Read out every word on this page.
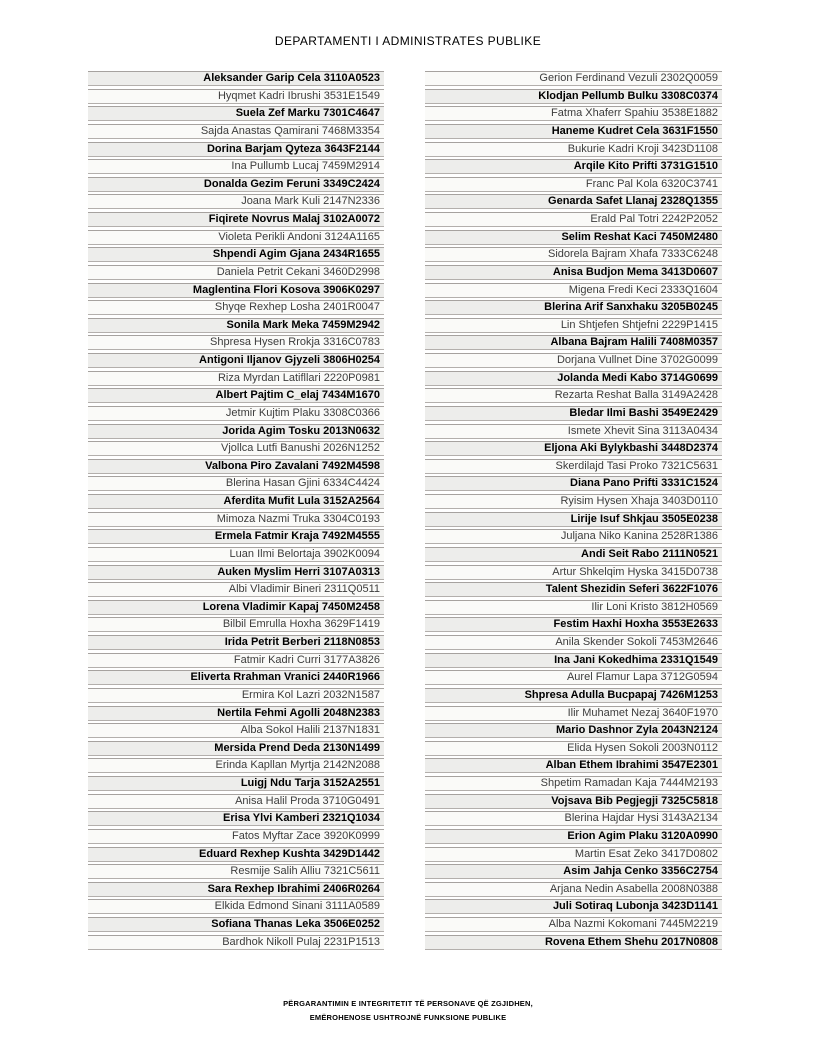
DEPARTAMENTI I ADMINISTRATES PUBLIKE
Aleksander Garip Cela 3110A0523
Hyqmet Kadri Ibrushi 3531E1549
Suela Zef Marku 7301C4647
Sajda Anastas Qamirani 7468M3354
Dorina Barjam Qyteza 3643F2144
Ina Pullumb Lucaj 7459M2914
Donalda Gezim Feruni 3349C2424
Joana Mark Kuli 2147N2336
Fiqirete Novrus Malaj 3102A0072
Violeta Perikli Andoni 3124A1165
Shpendi Agim Gjana 2434R1655
Daniela Petrit Cekani 3460D2998
Maglentina Flori Kosova 3906K0297
Shyqe Rexhep Losha 2401R0047
Sonila Mark Meka 7459M2942
Shpresa Hysen Rrokja 3316C0783
Antigoni Iljanov Gjyzeli 3806H0254
Riza Myrdan Latifllari 2220P0981
Albert Pajtim C_elaj 7434M1670
Jetmir Kujtim Plaku 3308C0366
Jorida Agim Tosku 2013N0632
Vjollca Lutfi Banushi 2026N1252
Valbona Piro Zavalani 7492M4598
Blerina Hasan Gjini 6334C4424
Aferdita Mufit Lula 3152A2564
Mimoza Nazmi Truka 3304C0193
Ermela Fatmir Kraja 7492M4555
Luan Ilmi Belortaja 3902K0094
Auken Myslim Herri 3107A0313
Albi Vladimir Bineri 2311Q0511
Lorena Vladimir Kapaj 7450M2458
Bilbil Emrulla Hoxha 3629F1419
Irida Petrit Berberi 2118N0853
Fatmir Kadri Curri 3177A3826
Eliverta Rrahman Vranici 2440R1966
Ermira Kol Lazri 2032N1587
Nertila Fehmi Agolli 2048N2383
Alba Sokol Halili 2137N1831
Mersida Prend Deda 2130N1499
Erinda Kapllan Myrtja 2142N2088
Luigj Ndu Tarja 3152A2551
Anisa Halil Proda 3710G0491
Erisa Ylvi Kamberi 2321Q1034
Fatos Myftar Zace 3920K0999
Eduard Rexhep Kushta 3429D1442
Resmije Salih Alliu 7321C5611
Sara Rexhep Ibrahimi 2406R0264
Elkida Edmond Sinani 3111A0589
Sofiana Thanas Leka 3506E0252
Bardhok Nikoll Pulaj 2231P1513
Gerion Ferdinand Vezuli 2302Q0059
Klodjan Pellumb Bulku 3308C0374
Fatma Xhaferr Spahiu 3538E1882
Haneme Kudret Cela 3631F1550
Bukurie Kadri Kroji 3423D1108
Arqile Kito Prifti 3731G1510
Franc Pal Kola 6320C3741
Genarda Safet Llanaj 2328Q1355
Erald Pal Totri 2242P2052
Selim Reshat Kaci 7450M2480
Sidorela Bajram Xhafa 7333C6248
Anisa Budjon Mema 3413D0607
Migena Fredi Keci 2333Q1604
Blerina Arif Sanxhaku 3205B0245
Lin Shtjefen Shtjefni 2229P1415
Albana Bajram Halili 7408M0357
Dorjana Vullnet Dine 3702G0099
Jolanda Medi Kabo 3714G0699
Rezarta Reshat Balla 3149A2428
Bledar Ilmi Bashi 3549E2429
Ismete Xhevit Sina 3113A0434
Eljona Aki Bylykbashi 3448D2374
Skerdilajd Tasi Proko 7321C5631
Diana Pano Prifti 3331C1524
Ryisim Hysen Xhaja 3403D0110
Lirije Isuf Shkjau 3505E0238
Juljana Niko Kanina 2528R1386
Andi Seit Rabo 2111N0521
Artur Shkelqim Hyska 3415D0738
Talent Shezidin Seferi 3622F1076
Ilir Loni Kristo 3812H0569
Festim Haxhi Hoxha 3553E2633
Anila Skender Sokoli 7453M2646
Ina Jani Kokedhima 2331Q1549
Aurel Flamur Lapa 3712G0594
Shpresa Adulla Bucpapaj 7426M1253
Ilir Muhamet Nezaj 3640F1970
Mario Dashnor Zyla 2043N2124
Elida Hysen Sokoli 2003N0112
Alban Ethem Ibrahimi 3547E2301
Shpetim Ramadan Kaja 7444M2193
Vojsava Bib Pegjegji 7325C5818
Blerina Hajdar Hysi 3143A2134
Erion Agim Plaku 3120A0990
Martin Esat Zeko 3417D0802
Asim Jahja Cenko 3356C2754
Arjana Nedin Asabella 2008N0388
Juli Sotiraq Lubonja 3423D1141
Alba Nazmi Kokomani 7445M2219
Rovena Ethem Shehu 2017N0808
PËRGARANTIMIN E INTEGRITETIT TË PERSONAVE QË ZGJIDHEN,
EMËROHENOSE USHTROJNË FUNKSIONE PUBLIKE
